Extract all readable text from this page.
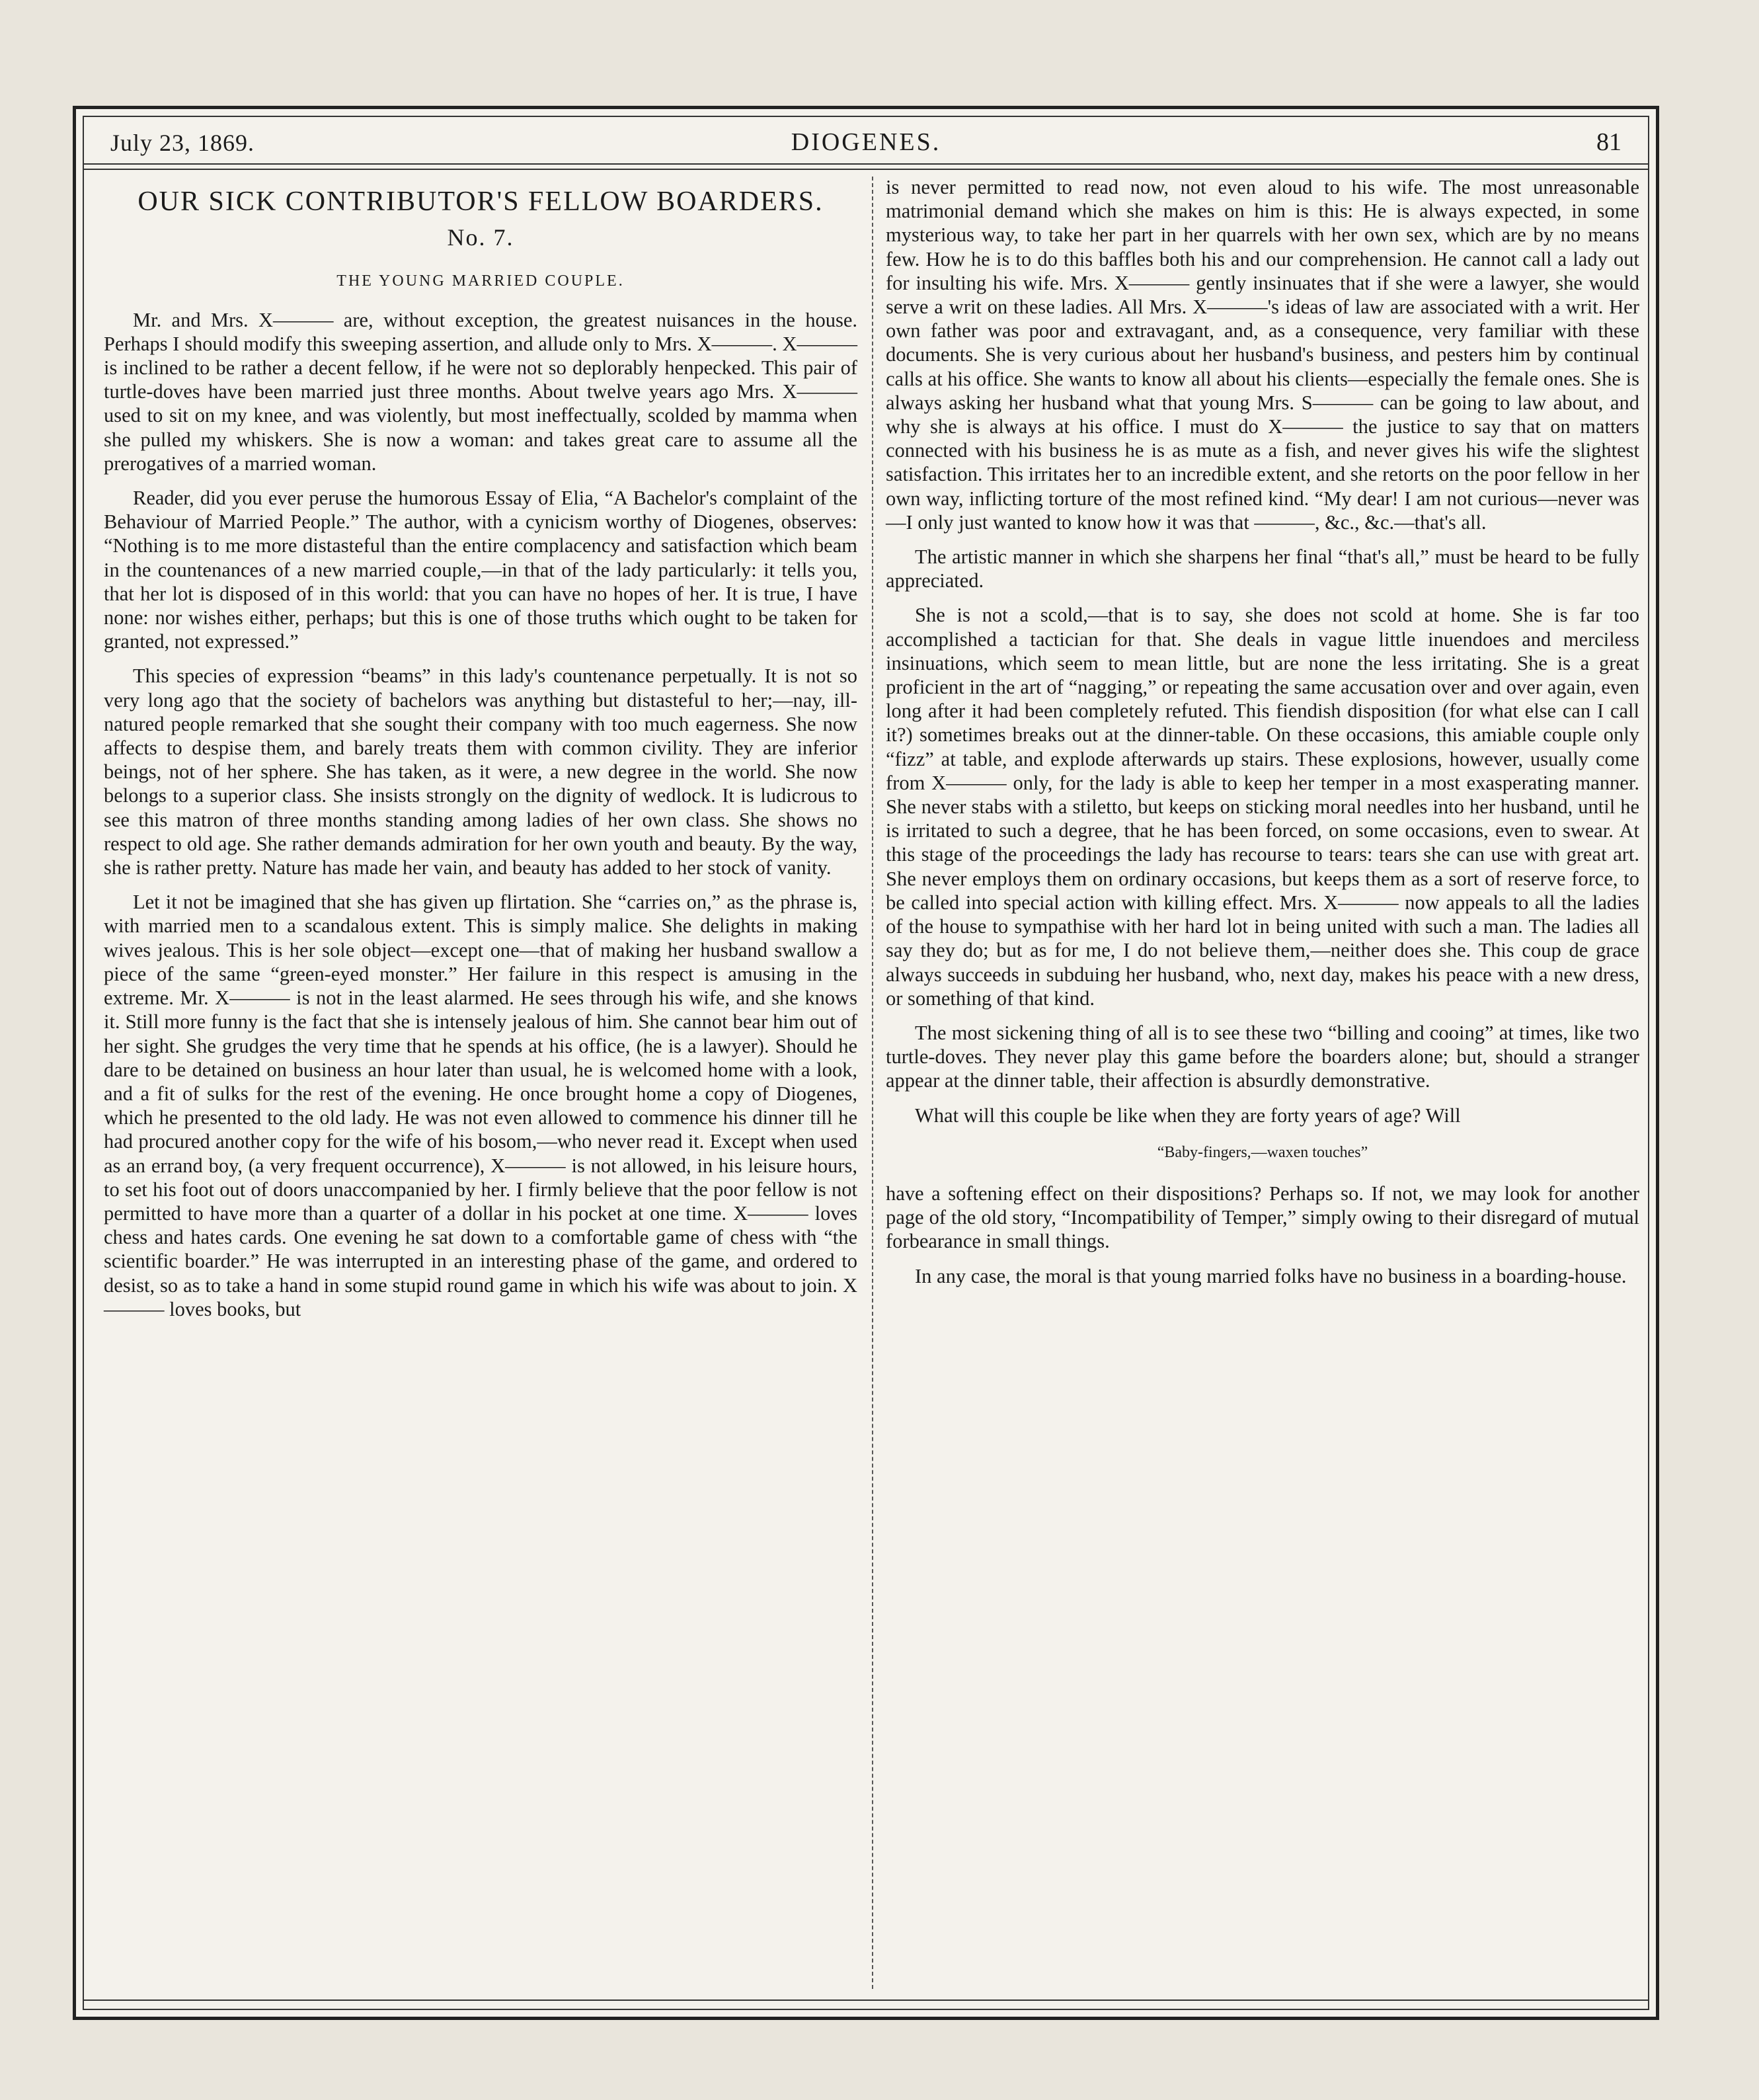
July 23, 1869.	DIOGENES.	81
OUR SICK CONTRIBUTOR'S FELLOW BOARDERS.
No. 7.
THE YOUNG MARRIED COUPLE.

Mr. and Mrs. X——— are, without exception, the greatest nuisances in the house. Perhaps I should modify this sweeping assertion, and allude only to Mrs. X———. X——— is inclined to be rather a decent fellow, if he were not so deplorably henpecked. This pair of turtle-doves have been married just three months. About twelve years ago Mrs. X——— used to sit on my knee, and was violently, but most ineffectually, scolded by mamma when she pulled my whiskers. She is now a woman: and takes great care to assume all the prerogatives of a married woman.

Reader, did you ever peruse the humorous Essay of Elia, “A Bachelor's complaint of the Behaviour of Married People.” The author, with a cynicism worthy of Diogenes, observes: “Nothing is to me more distasteful than the entire complacency and satisfaction which beam in the countenances of a new married couple,—in that of the lady particularly: it tells you, that her lot is disposed of in this world: that you can have no hopes of her. It is true, I have none: nor wishes either, perhaps; but this is one of those truths which ought to be taken for granted, not expressed.”

This species of expression “beams” in this lady's countenance perpetually. It is not so very long ago that the society of bachelors was anything but distasteful to her;—nay, ill-natured people remarked that she sought their company with too much eagerness. She now affects to despise them, and barely treats them with common civility. They are inferior beings, not of her sphere. She has taken, as it were, a new degree in the world. She now belongs to a superior class. She insists strongly on the dignity of wedlock. It is ludicrous to see this matron of three months standing among ladies of her own class. She shows no respect to old age. She rather demands admiration for her own youth and beauty. By the way, she is rather pretty. Nature has made her vain, and beauty has added to her stock of vanity.

Let it not be imagined that she has given up flirtation. She “carries on,” as the phrase is, with married men to a scandalous extent. This is simply malice. She delights in making wives jealous. This is her sole object—except one—that of making her husband swallow a piece of the same “green-eyed monster.” Her failure in this respect is amusing in the extreme. Mr. X——— is not in the least alarmed. He sees through his wife, and she knows it. Still more funny is the fact that she is intensely jealous of him. She cannot bear him out of her sight. She grudges the very time that he spends at his office, (he is a lawyer). Should he dare to be detained on business an hour later than usual, he is welcomed home with a look, and a fit of sulks for the rest of the evening. He once brought home a copy of Diogenes, which he presented to the old lady. He was not even allowed to commence his dinner till he had procured another copy for the wife of his bosom,—who never read it. Except when used as an errand boy, (a very frequent occurrence), X——— is not allowed, in his leisure hours, to set his foot out of doors unaccompanied by her. I firmly believe that the poor fellow is not permitted to have more than a quarter of a dollar in his pocket at one time. X——— loves chess and hates cards. One evening he sat down to a comfortable game of chess with “the scientific boarder.” He was interrupted in an interesting phase of the game, and ordered to desist, so as to take a hand in some stupid round game in which his wife was about to join. X——— loves books, but

is never permitted to read now, not even aloud to his wife. The most unreasonable matrimonial demand which she makes on him is this: He is always expected, in some mysterious way, to take her part in her quarrels with her own sex, which are by no means few. How he is to do this baffles both his and our comprehension. He cannot call a lady out for insulting his wife. Mrs. X——— gently insinuates that if she were a lawyer, she would serve a writ on these ladies. All Mrs. X———'s ideas of law are associated with a writ. Her own father was poor and extravagant, and, as a consequence, very familiar with these documents. She is very curious about her husband's business, and pesters him by continual calls at his office. She wants to know all about his clients—especially the female ones. She is always asking her husband what that young Mrs. S——— can be going to law about, and why she is always at his office. I must do X——— the justice to say that on matters connected with his business he is as mute as a fish, and never gives his wife the slightest satisfaction. This irritates her to an incredible extent, and she retorts on the poor fellow in her own way, inflicting torture of the most refined kind. “My dear! I am not curious—never was—I only just wanted to know how it was that ———, &c., &c.—that's all.

The artistic manner in which she sharpens her final “that's all,” must be heard to be fully appreciated.

She is not a scold,—that is to say, she does not scold at home. She is far too accomplished a tactician for that. She deals in vague little inuendoes and merciless insinuations, which seem to mean little, but are none the less irritating. She is a great proficient in the art of “nagging,” or repeating the same accusation over and over again, even long after it had been completely refuted. This fiendish disposition (for what else can I call it?) sometimes breaks out at the dinner-table. On these occasions, this amiable couple only “fizz” at table, and explode afterwards up stairs. These explosions, however, usually come from X——— only, for the lady is able to keep her temper in a most exasperating manner. She never stabs with a stiletto, but keeps on sticking moral needles into her husband, until he is irritated to such a degree, that he has been forced, on some occasions, even to swear. At this stage of the proceedings the lady has recourse to tears: tears she can use with great art. She never employs them on ordinary occasions, but keeps them as a sort of reserve force, to be called into special action with killing effect. Mrs. X——— now appeals to all the ladies of the house to sympathise with her hard lot in being united with such a man. The ladies all say they do; but as for me, I do not believe them,—neither does she. This coup de grace always succeeds in subduing her husband, who, next day, makes his peace with a new dress, or something of that kind.

The most sickening thing of all is to see these two “billing and cooing” at times, like two turtle-doves. They never play this game before the boarders alone; but, should a stranger appear at the dinner table, their affection is absurdly demonstrative.

What will this couple be like when they are forty years of age? Will

“Baby-fingers,—waxen touches”

have a softening effect on their dispositions? Perhaps so. If not, we may look for another page of the old story, “Incompatibility of Temper,” simply owing to their disregard of mutual forbearance in small things.

In any case, the moral is that young married folks have no business in a boarding-house.
